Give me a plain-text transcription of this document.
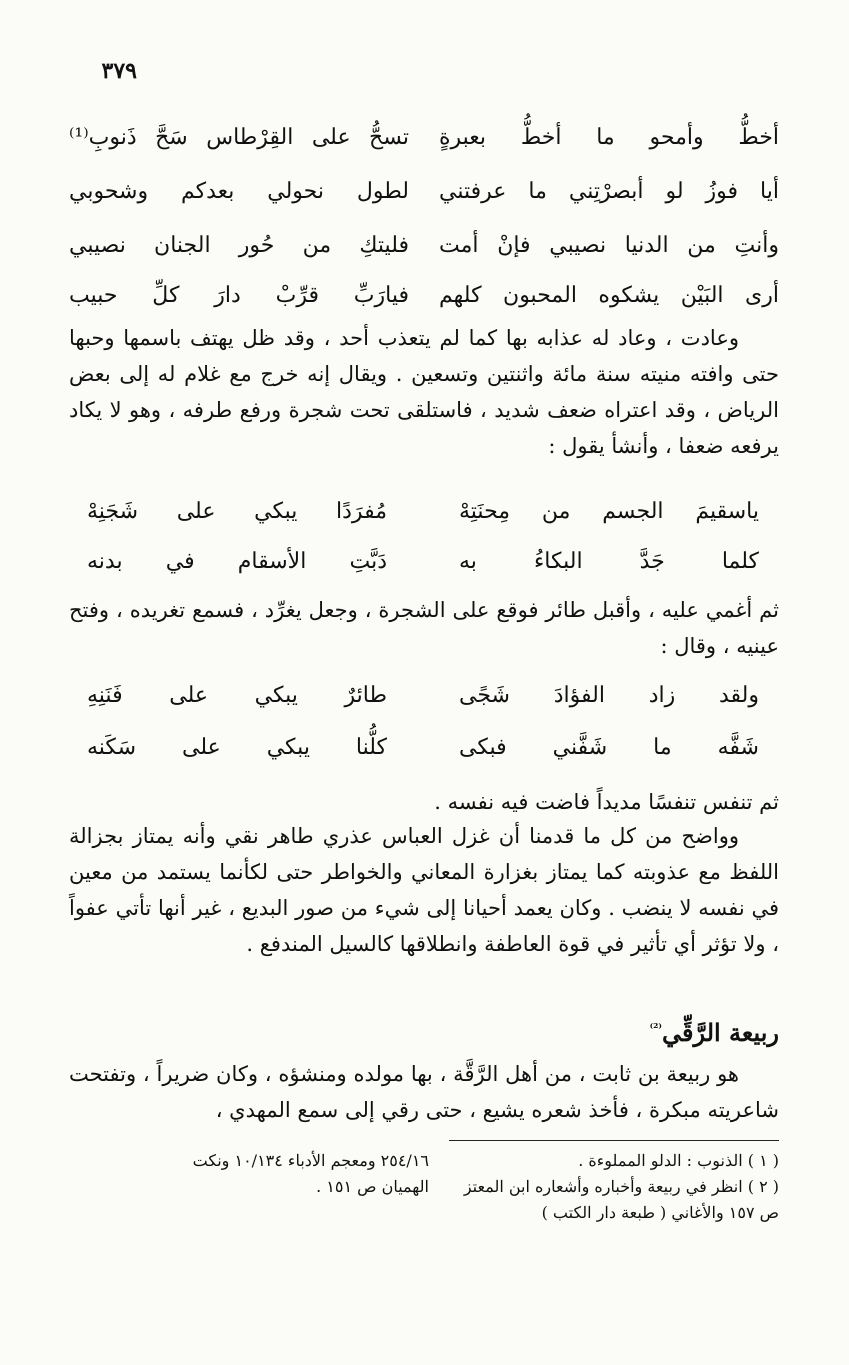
٣٧٩
أخطُّ وأمحو ما أخطُّ بعبرةٍ
تسحُّ على القِرْطاس سَحَّ ذَنوبِ⁽¹⁾
أيا فوزُ لو أبصرْتِني ما عرفتني
لطول نحولي بعدكم وشحوبي
وأنتِ من الدنيا نصيبي فإنْ أمت
فليتكِ من حُور الجنان نصيبي
أرى البَيْن يشكوه المحبون كلهم
فيارَبِّ قرِّبْ دارَ كلِّ حبيب

وعادت ، وعاد له عذابه بها كما لم يتعذب أحد ، وقد ظل يهتف باسمها وحبها حتى وافته منيته سنة مائة واثنتين وتسعين . ويقال إنه خرج مع غلام له إلى بعض الرياض ، وقد اعتراه ضعف شديد ، فاستلقى تحت شجرة ورفع طرفه ، وهو لا يكاد يرفعه ضعفا ، وأنشأ يقول :

ياسقيمَ الجسم من مِحنَتِهْ
مُفرَدًا يبكي على شَجَنِهْ
كلما جَدَّ البكاءُ به
دَبَّتِ الأسقام في بدنه

ثم أغمي عليه ، وأقبل طائر فوقع على الشجرة ، وجعل يغرِّد ، فسمع تغريده ، وفتح عينيه ، وقال :

ولقد زاد الفؤادَ شَجًى
طائرٌ يبكي على فَنَنِهِ
شَفَّه ما شَفَّني فبكى
كلُّنا يبكي على سَكَنه

ثم تنفس تنفسًا مديداً فاضت فيه نفسه .

وواضح من كل ما قدمنا أن غزل العباس عذري طاهر نقي وأنه يمتاز بجزالة اللفظ مع عذوبته كما يمتاز بغزارة المعاني والخواطر حتى لكأنما يستمد من معين في نفسه لا ينضب . وكان يعمد أحيانا إلى شيء من صور البديع ، غير أنها تأتي عفواً ، ولا تؤثر أي تأثير في قوة العاطفة وانطلاقها كالسيل المندفع .

ربيعة الرَّقِّي$^{^{(2)}}$

هو ربيعة بن ثابت ، من أهل الرَّقَّة ، بها مولده ومنشؤه ، وكان ضريراً ، وتفتحت شاعريته مبكرة ، فأخذ شعره يشيع ، حتى رقي إلى سمع المهدي ،

( ١ ) الذنوب : الدلو المملوءة .
٢٥٤/١٦ ومعجم الأدباء ١٠/١٣٤ ونكت
( ٢ ) انظر في ربيعة وأخباره وأشعاره ابن المعتز
الهميان ص ١٥١ .
ص ١٥٧ والأغاني ( طبعة دار الكتب )
